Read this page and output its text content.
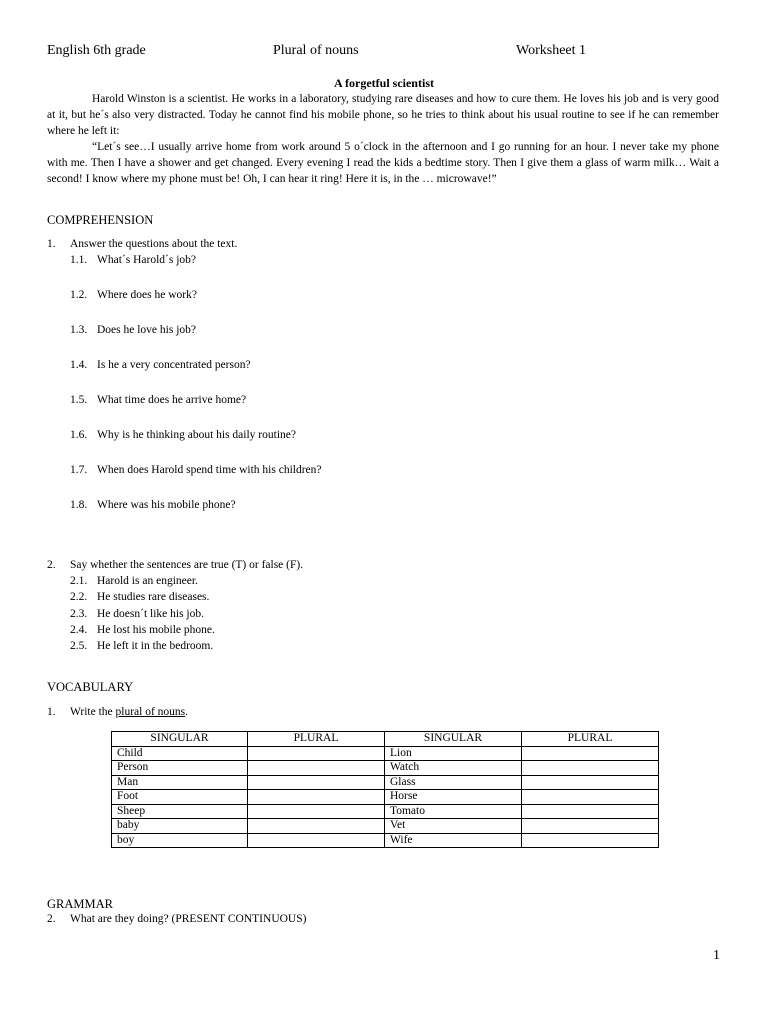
English 6th grade	Plural of nouns	Worksheet 1
A forgetful scientist

Harold Winston is a scientist. He works in a laboratory, studying rare diseases and how to cure them. He loves his job and is very good at it, but he´s also very distracted. Today he cannot find his mobile phone, so he tries to think about his usual routine to see if he can remember where he left it:

“Let´s see…I usually arrive home from work around 5 o´clock in the afternoon and I go running for an hour. I never take my phone with me. Then I have a shower and get changed. Every evening I read the kids a bedtime story. Then I give them a glass of warm milk… Wait a second! I know where my phone must be! Oh, I can hear it ring! Here it is, in the … microwave!”

COMPREHENSION
1. Answer the questions about the text.
1.1. What´s Harold´s job?
1.2. Where does he work?
1.3. Does he love his job?
1.4. Is he a very concentrated person?
1.5. What time does he arrive home?
1.6. Why is he thinking about his daily routine?
1.7. When does Harold spend time with his children?
1.8. Where was his mobile phone?
2. Say whether the sentences are true (T) or false (F).
2.1. Harold is an engineer.
2.2. He studies rare diseases.
2.3. He doesn´t like his job.
2.4. He lost his mobile phone.
2.5. He left it in the bedroom.
VOCABULARY
1. Write the plural of nouns.
SINGULAR	PLURAL	SINGULAR	PLURAL
Child		Lion	
Person		Watch	
Man		Glass	
Foot		Horse	
Sheep		Tomato	
baby		Vet	
boy		Wife	
GRAMMAR
2. What are they doing? (PRESENT CONTINUOUS)
1
